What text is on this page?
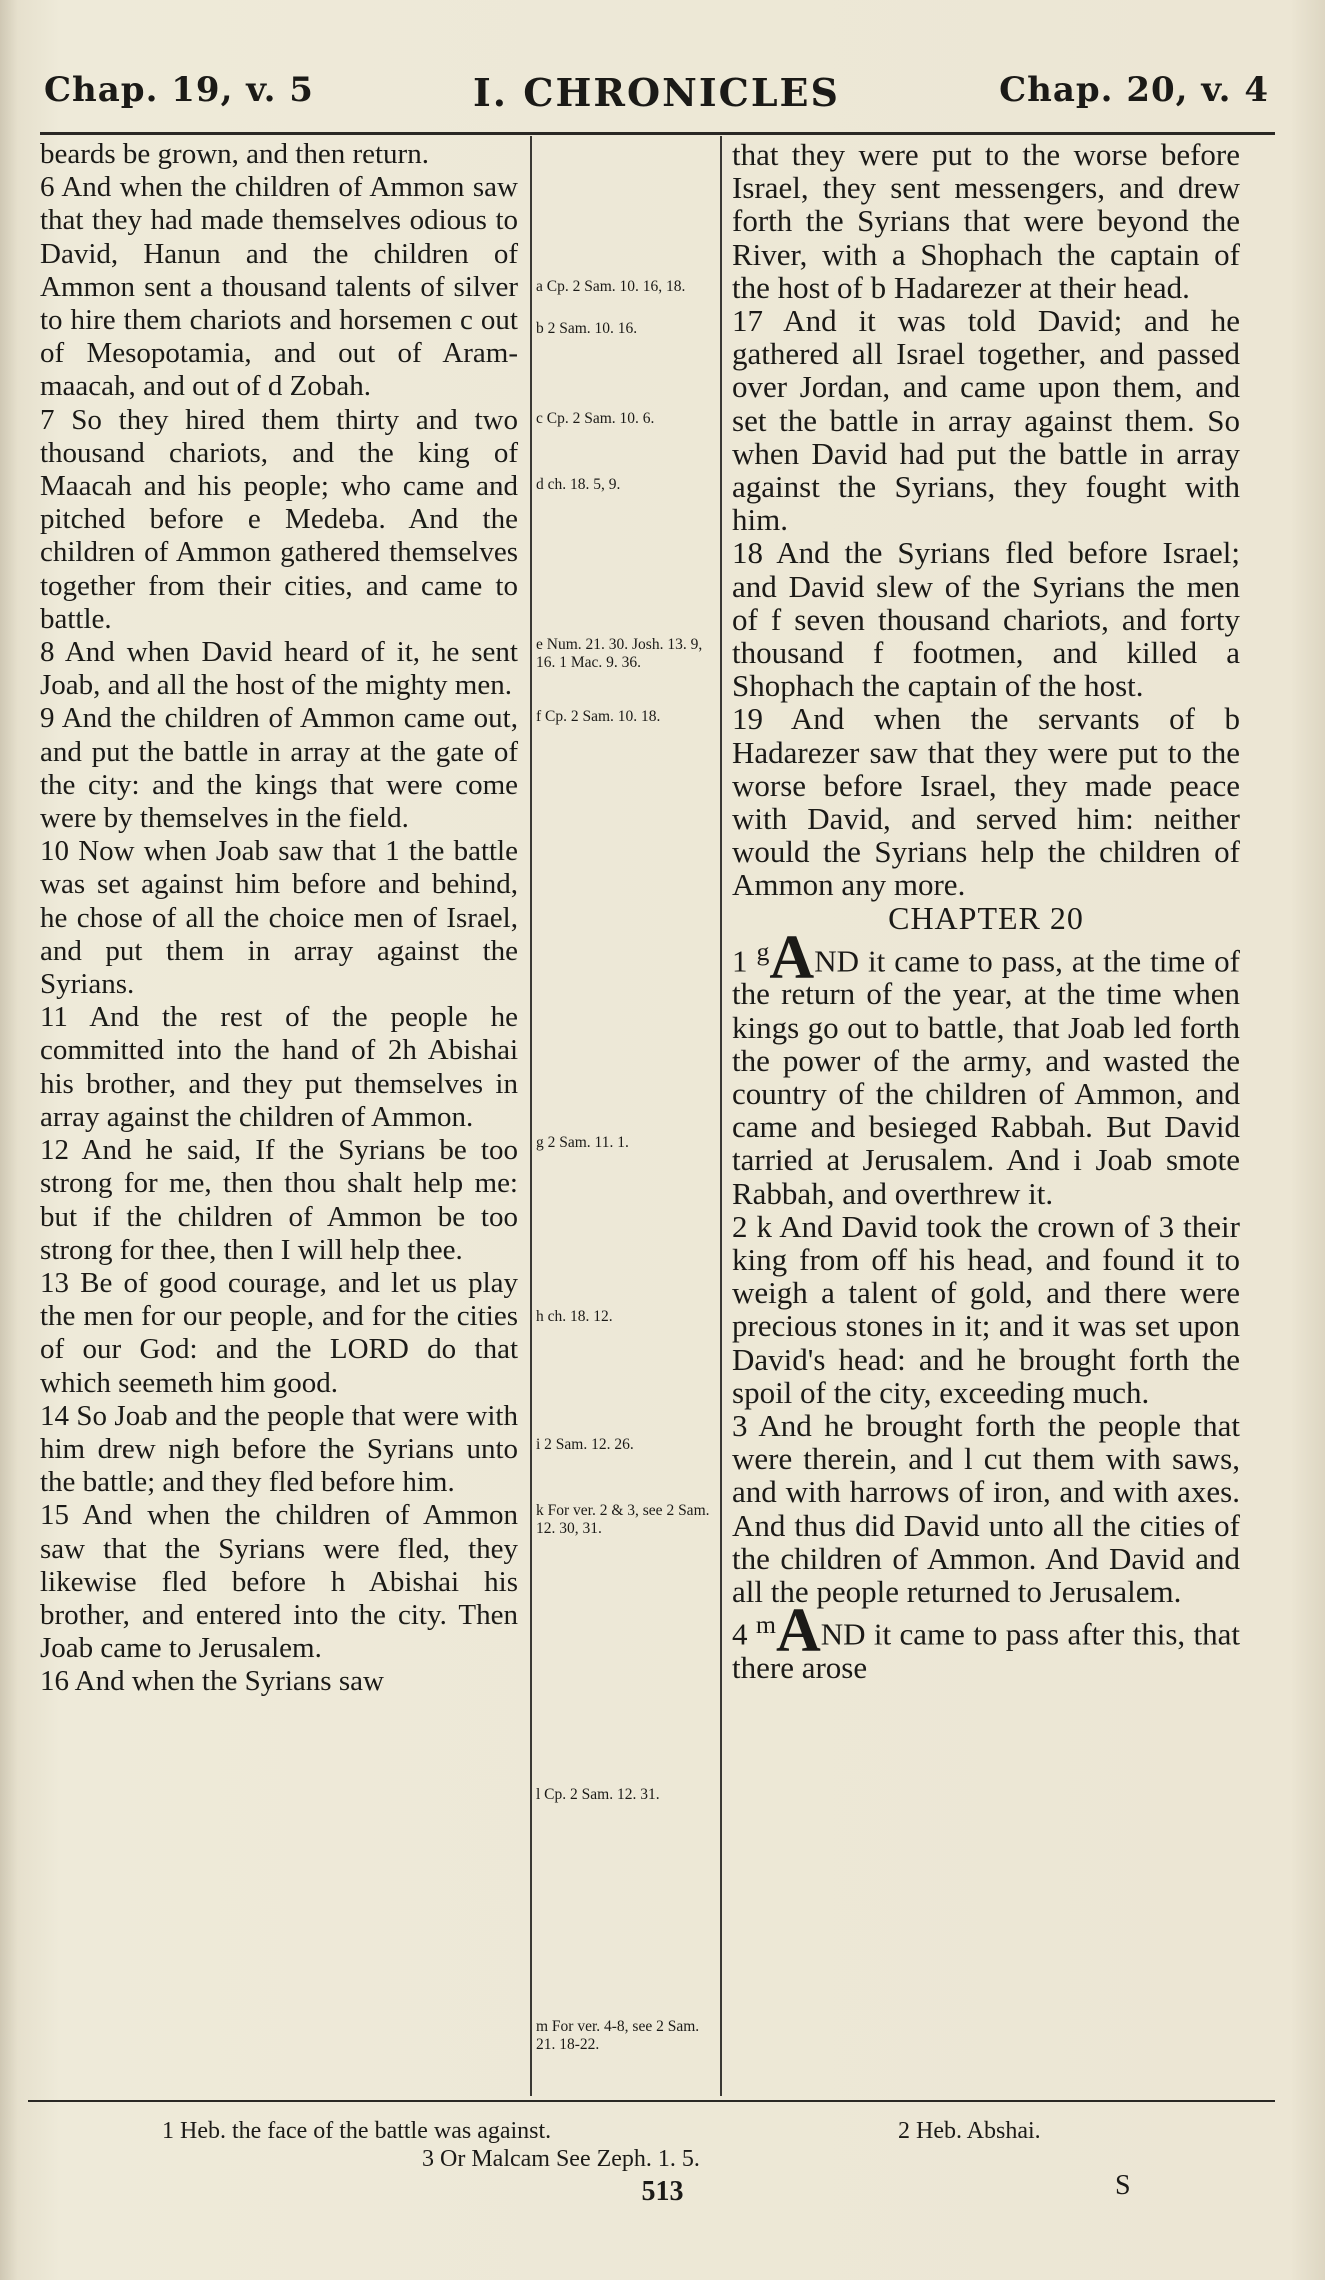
Chap. 19, v. 5	I. CHRONICLES	Chap. 20, v. 4

beards be grown, and then return.

6 And when the children of Ammon saw that they had made themselves odious to David, Hanun and the children of Ammon sent a thousand talents of silver to hire them chariots and horsemen c out of Mesopotamia, and out of Aram-maacah, and out of d Zobah.

7 So they hired them thirty and two thousand chariots, and the king of Maacah and his people; who came and pitched before e Medeba. And the children of Ammon gathered themselves together from their cities, and came to battle.

8 And when David heard of it, he sent Joab, and all the host of the mighty men.

9 And the children of Ammon came out, and put the battle in array at the gate of the city: and the kings that were come were by themselves in the field.

10 Now when Joab saw that 1 the battle was set against him before and behind, he chose of all the choice men of Israel, and put them in array against the Syrians.

11 And the rest of the people he committed into the hand of 2h Abishai his brother, and they put themselves in array against the children of Ammon.

12 And he said, If the Syrians be too strong for me, then thou shalt help me: but if the children of Ammon be too strong for thee, then I will help thee.

13 Be of good courage, and let us play the men for our people, and for the cities of our God: and the LORD do that which seemeth him good.

14 So Joab and the people that were with him drew nigh before the Syrians unto the battle; and they fled before him.

15 And when the children of Ammon saw that the Syrians were fled, they likewise fled before h Abishai his brother, and entered into the city. Then Joab came to Jerusalem.

16 And when the Syrians saw

a Cp. 2 Sam. 10. 16, 18.

b 2 Sam. 10. 16.

c Cp. 2 Sam. 10. 6.

d ch. 18. 5, 9.

e Num. 21. 30. Josh. 13. 9, 16. 1 Mac. 9. 36.

f Cp. 2 Sam. 10. 18.

g 2 Sam. 11. 1.

h ch. 18. 12.

i 2 Sam. 12. 26.

k For ver. 2 & 3, see 2 Sam. 12. 30, 31.

l Cp. 2 Sam. 12. 31.

m For ver. 4-8, see 2 Sam. 21. 18-22.

that they were put to the worse before Israel, they sent messengers, and drew forth the Syrians that were beyond the River, with a Shophach the captain of the host of b Hadarezer at their head.

17 And it was told David; and he gathered all Israel together, and passed over Jordan, and came upon them, and set the battle in array against them. So when David had put the battle in array against the Syrians, they fought with him.

18 And the Syrians fled before Israel; and David slew of the Syrians the men of f seven thousand chariots, and forty thousand f footmen, and killed a Shophach the captain of the host.

19 And when the servants of b Hadarezer saw that they were put to the worse before Israel, they made peace with David, and served him: neither would the Syrians help the children of Ammon any more.

CHAPTER 20

1 $^g$AND it came to pass, at the time of the return of the year, at the time when kings go out to battle, that Joab led forth the power of the army, and wasted the country of the children of Ammon, and came and besieged Rabbah. But David tarried at Jerusalem. And i Joab smote Rabbah, and overthrew it.

2 k And David took the crown of 3 their king from off his head, and found it to weigh a talent of gold, and there were precious stones in it; and it was set upon David's head: and he brought forth the spoil of the city, exceeding much.

3 And he brought forth the people that were therein, and l cut them with saws, and with harrows of iron, and with axes. And thus did David unto all the cities of the children of Ammon. And David and all the people returned to Jerusalem.

4 $^m$AND it came to pass after this, that there arose

1 Heb. the face of the battle was against.	2 Heb. Abshai.
3 Or Malcam See Zeph. 1. 5.
513	S
